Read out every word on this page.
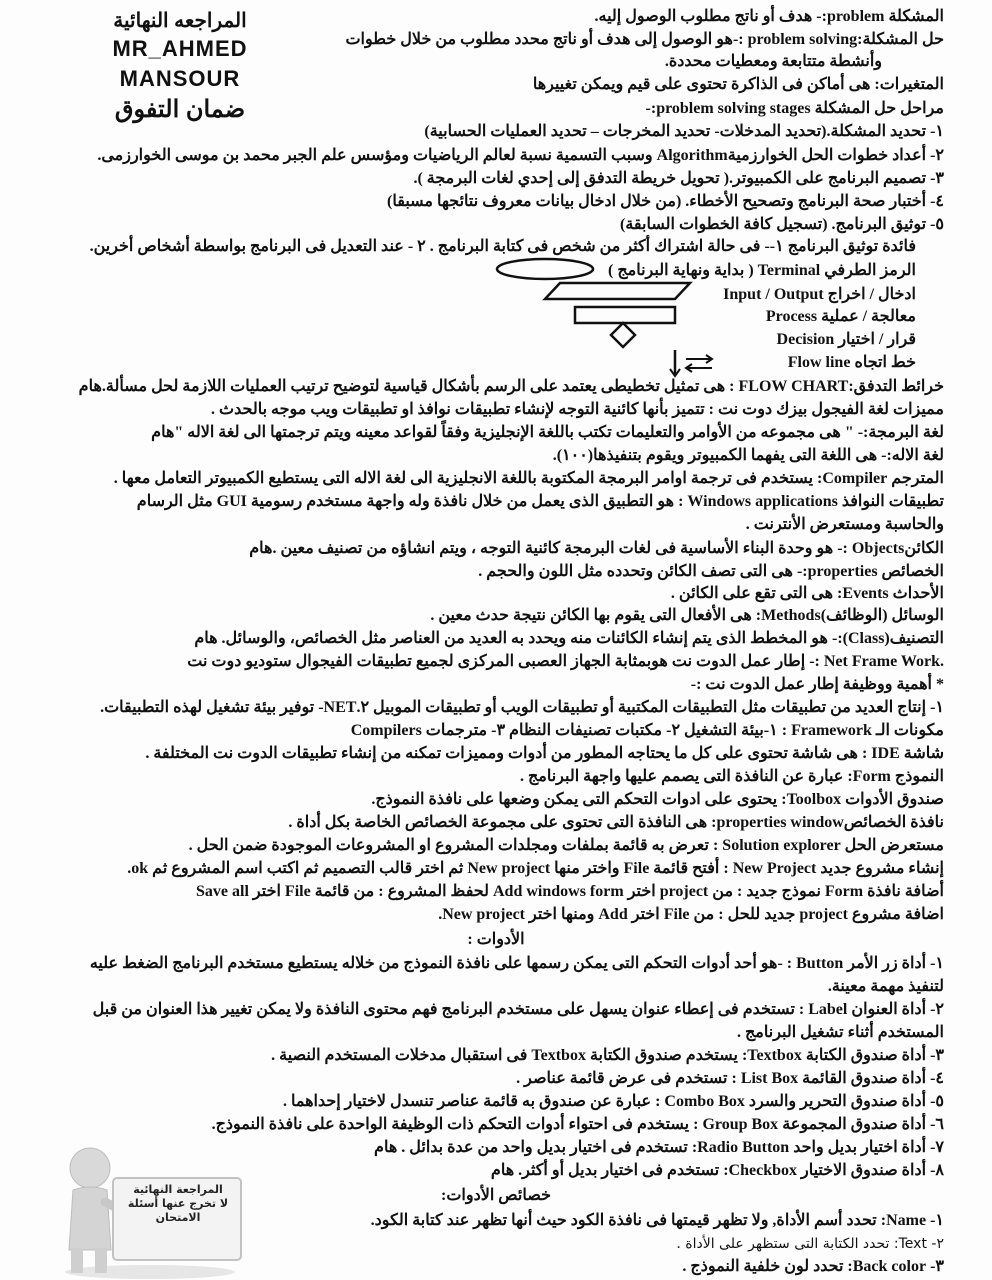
المراجعه النهائية
MR_AHMED
MANSOUR
ضمان التفوق
المشكلة problem:- هدف أو ناتج مطلوب الوصول إليه.
حل المشكلة:problem solving :-هو الوصول إلى هدف أو ناتج محدد مطلوب من خلال خطوات
وأنشطة متتابعة ومعطيات محددة.
المتغيرات: هى أماكن فى الذاكرة تحتوى على قيم ويمكن تغييرها
مراحل حل المشكلة problem solving stages:-
١- تحديد المشكلة.(تحديد المدخلات- تحديد المخرجات – تحديد العمليات الحسابية)
٢- أعداد خطوات الحل الخوارزميةAlgorithm وسبب التسمية نسبة لعالم الرياضيات ومؤسس علم الجبر محمد بن موسى الخوارزمى.
٣- تصميم البرنامج على الكمبيوتر.( تحويل خريطة التدفق إلى إحدي لغات البرمجة ).
٤- أختبار صحة البرنامج وتصحيح الأخطاء. (من خلال ادخال بيانات معروف نتائجها مسبقا)
٥- توثيق البرنامج. (تسجيل كافة الخطوات السابقة)
فائدة توثيق البرنامج ١-- فى حالة اشتراك أكثر من شخص فى كتابة البرنامج . ٢ - عند التعديل فى البرنامج بواسطة أشخاص أخرين.
الرمز الطرفي Terminal ( بداية ونهاية البرنامج )
ادخال / اخراج Input / Output
معالجة / عملية Process
قرار / اختيار Decision
خط اتجاه Flow line
خرائط التدفق:FLOW CHART : هى تمثيل تخطيطى يعتمد على الرسم بأشكال قياسية لتوضيح ترتيب العمليات اللازمة لحل مسألة.هام
مميزات لغة الفيجول بيزك دوت نت : تتميز بأنها كائنية التوجه لإنشاء تطبيقات نوافذ او تطبيقات ويب موجه بالحدث .
لغة البرمجة:- " هى مجموعه من الأوامر والتعليمات تكتب باللغة الإنجليزية وفقاً لقواعد معينه ويتم ترجمتها الى لغة الاله "هام
لغة الاله:- هى اللغة التى يفهما الكمبيوتر ويقوم بتنفيذها(١٠٠).
المترجم Compiler: يستخدم فى ترجمة اوامر البرمجة المكتوبة باللغة الانجليزية الى لغة الاله التى يستطيع الكمبيوتر التعامل معها .
تطبيقات النوافذ Windows applications : هو التطبيق الذى يعمل من خلال نافذة وله واجهة مستخدم رسومية GUI مثل الرسام
والحاسبة ومستعرض الأنترنت .
الكائنObjects :- هو وحدة البناء الأساسية فى لغات البرمجة كائنية التوجه ، ويتم انشاؤه من تصنيف معين .هام
الخصائص properties:- هى التى تصف الكائن وتحدده مثل اللون والحجم .
الأحداث Events: هى التى تقع على الكائن .
الوسائل (الوظائف)Methods: هى الأفعال التى يقوم بها الكائن نتيجة حدث معين .
التصنيف(Class):- هو المخطط الذى يتم إنشاء الكائنات منه ويحدد به العديد من العناصر مثل الخصائص، والوسائل. هام
.Net Frame Work :- إطار عمل الدوت نت هوبمثابة الجهاز العصبى المركزى لجميع تطبيقات الفيجوال ستوديو دوت نت
* أهمية ووظيفة إطار عمل الدوت نت :-
١- إنتاج العديد من تطبيقات مثل التطبيقات المكتبية أو تطبيقات الويب أو تطبيقات الموبيل ٢.NET- توفير بيئة تشغيل لهذه التطبيقات.
مكونات الـ Framework : ١-بيئة التشغيل ٢- مكتبات تصنيفات النظام ٣- مترجمات Compilers
شاشة IDE : هى شاشة تحتوى على كل ما يحتاجه المطور من أدوات ومميزات تمكنه من إنشاء تطبيقات الدوت نت المختلفة .
النموذج Form: عبارة عن النافذة التى يصمم عليها واجهة البرنامج .
صندوق الأدوات Toolbox: يحتوى على ادوات التحكم التى يمكن وضعها على نافذة النموذج.
نافذة الخصائصproperties window: هى النافذة التى تحتوى على مجموعة الخصائص الخاصة بكل أداة .
مستعرض الحل Solution explorer : تعرض به قائمة بملفات ومجلدات المشروع او المشروعات الموجودة ضمن الحل .
إنشاء مشروع جديد New Project : أفتح قائمة File واختر منها New project ثم اختر قالب التصميم ثم اكتب اسم المشروع ثم ok.
أضافة نافذة Form نموذج جديد : من project اختر Add windows form لحفظ المشروع : من قائمة File اختر Save all
اضافة مشروع project جديد للحل : من File اختر Add ومنها اختر New project.
الأدوات :
١- أداة زر الأمر Button : -هو أحد أدوات التحكم التى يمكن رسمها على نافذة النموذج من خلاله يستطيع مستخدم البرنامج الضغط عليه
لتنفيذ مهمة معينة.
٢- أداة العنوان Label : تستخدم فى إعطاء عنوان يسهل على مستخدم البرنامج فهم محتوى النافذة ولا يمكن تغيير هذا العنوان من قبل
المستخدم أثناء تشغيل البرنامج .
٣- أداة صندوق الكتابة Textbox: يستخدم صندوق الكتابة Textbox فى استقبال مدخلات المستخدم النصية .
٤- أداة صندوق القائمة List Box : تستخدم فى عرض قائمة عناصر .
٥- أداة صندوق التحرير والسرد Combo Box : عبارة عن صندوق به قائمة عناصر تنسدل لاختيار إحداهما .
٦- أداة صندوق المجموعة Group Box : يستخدم فى احتواء أدوات التحكم ذات الوظيفة الواحدة على نافذة النموذج.
٧- أداة اختيار بديل واحد Radio Button: تستخدم فى اختيار بديل واحد من عدة بدائل . هام
٨- أداة صندوق الاختيار Checkbox: تستخدم فى اختيار بديل أو أكثر. هام
خصائص الأدوات:
١- Name: تحدد أسم الأداة, ولا تظهر قيمتها فى نافذة الكود حيث أنها تظهر عند كتابة الكود.
٢- Text: تحدد الكتابة التى ستظهر على الأداة .
٣- Back color: تحدد لون خلفية النموذج .
المراجعة النهائية
لا تخرج عنها أسئلة
الامتحان
